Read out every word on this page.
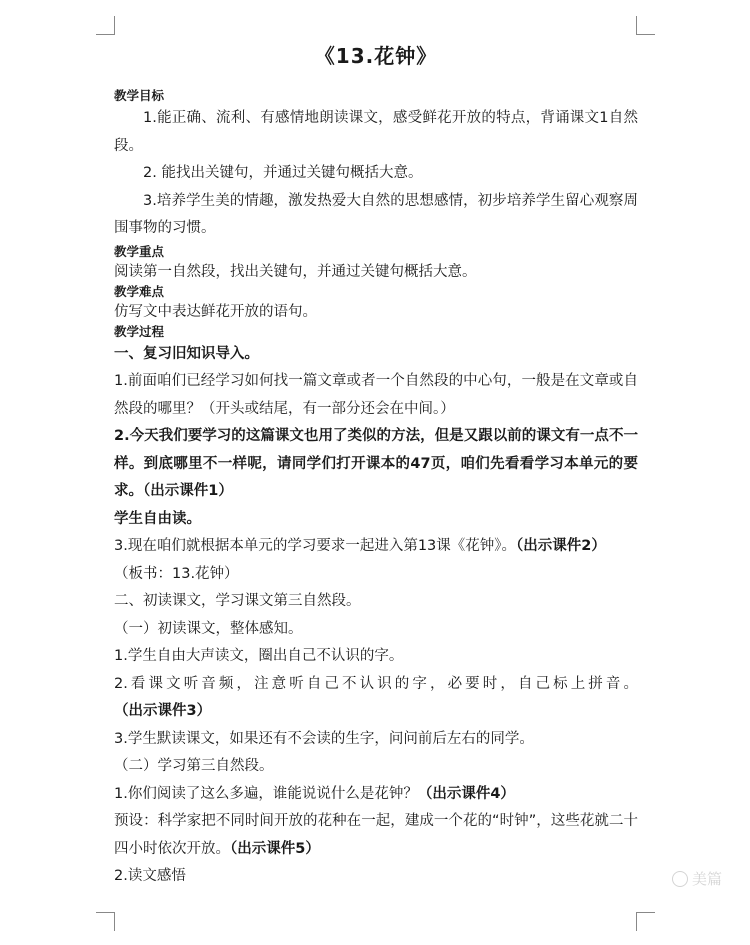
《13.花钟》
教学目标

1.能正确、流利、有感情地朗读课文，感受鲜花开放的特点，背诵课文1自然段。

2. 能找出关键句，并通过关键句概括大意。

3.培养学生美的情趣，激发热爱大自然的思想感情，初步培养学生留心观察周围事物的习惯。

教学重点

阅读第一自然段，找出关键句，并通过关键句概括大意。

教学难点

仿写文中表达鲜花开放的语句。

教学过程

一、复习旧知识导入。

1.前面咱们已经学习如何找一篇文章或者一个自然段的中心句，一般是在文章或自然段的哪里？（开头或结尾，有一部分还会在中间。）

2.今天我们要学习的这篇课文也用了类似的方法，但是又跟以前的课文有一点不一样。到底哪里不一样呢，请同学们打开课本的47页，咱们先看看学习本单元的要求。（出示课件1）

学生自由读。

3.现在咱们就根据本单元的学习要求一起进入第13课《花钟》。（出示课件2）

（板书：13.花钟）

二、初读课文，学习课文第三自然段。

（一）初读课文，整体感知。

1.学生自由大声读文，圈出自己不认识的字。

2.看课文听音频，注意听自己不认识的字，必要时，自己标上拼音。（出示课件3）

3.学生默读课文，如果还有不会读的生字，问问前后左右的同学。

（二）学习第三自然段。

1.你们阅读了这么多遍，谁能说说什么是花钟？（出示课件4）

预设：科学家把不同时间开放的花种在一起，建成一个花的“时钟”，这些花就二十四小时依次开放。（出示课件5）

2.读文感悟	美篇
